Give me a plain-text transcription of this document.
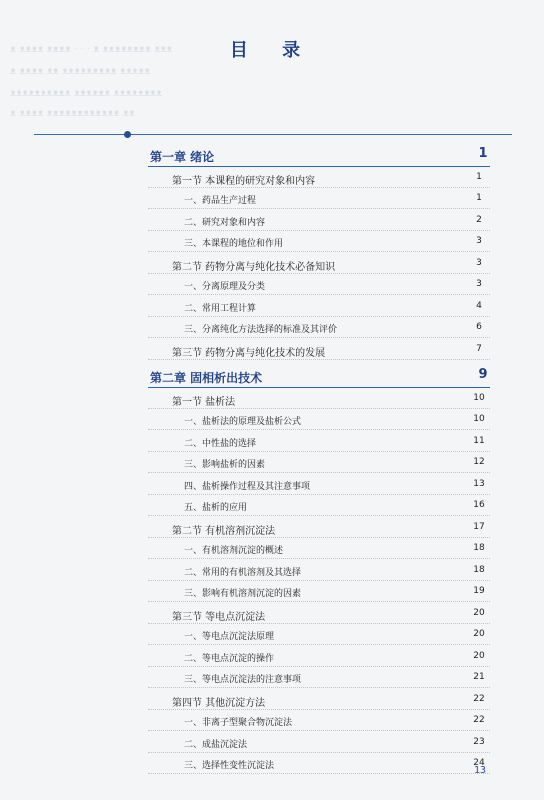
ᴥ ᴥᴥᴥᴥ ᴥᴥᴥᴥ · · · ᴥ ᴥᴥᴥᴥᴥᴥᴥᴥ ᴥᴥᴥ
ᴥ ᴥᴥᴥᴥ ᴥᴥ ᴥᴥᴥᴥᴥᴥᴥᴥᴥ ᴥᴥᴥᴥᴥ
ᴥᴥᴥᴥᴥᴥᴥᴥᴥᴥ ᴥᴥᴥᴥᴥᴥ ᴥᴥᴥᴥᴥᴥᴥᴥ
ᴥ ᴥᴥᴥᴥ ᴥᴥᴥᴥᴥᴥᴥᴥᴥᴥᴥᴥ ᴥᴥ
目 录
第一章 绪论	1
第一节 本课程的研究对象和内容	1
一、药品生产过程	1
二、研究对象和内容	2
三、本课程的地位和作用	3
第二节 药物分离与纯化技术必备知识	3
一、分离原理及分类	3
二、常用工程计算	4
三、分离纯化方法选择的标准及其评价	6
第三节 药物分离与纯化技术的发展	7
第二章 固相析出技术	9
第一节 盐析法	10
一、盐析法的原理及盐析公式	10
二、中性盐的选择	11
三、影响盐析的因素	12
四、盐析操作过程及其注意事项	13
五、盐析的应用	16
第二节 有机溶剂沉淀法	17
一、有机溶剂沉淀的概述	18
二、常用的有机溶剂及其选择	18
三、影响有机溶剂沉淀的因素	19
第三节 等电点沉淀法	20
一、等电点沉淀法原理	20
二、等电点沉淀的操作	20
三、等电点沉淀法的注意事项	21
第四节 其他沉淀方法	22
一、非离子型聚合物沉淀法	22
二、成盐沉淀法	23
三、选择性变性沉淀法	24
13
